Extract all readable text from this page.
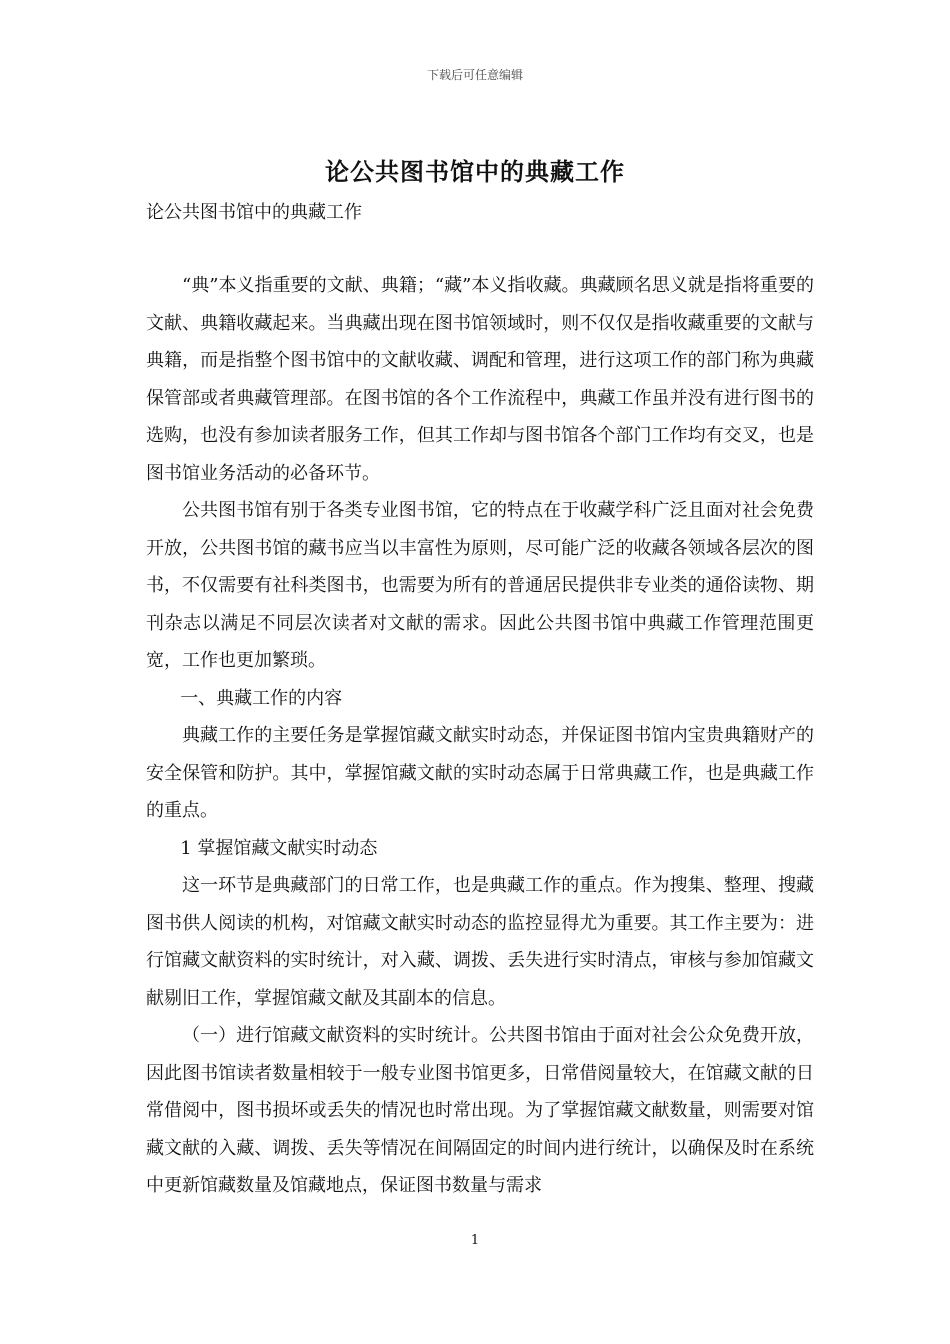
下载后可任意编辑
论公共图书馆中的典藏工作
论公共图书馆中的典藏工作

“典”本义指重要的文献、典籍；“藏”本义指收藏。典藏顾名思义就是指将重要的文献、典籍收藏起来。当典藏出现在图书馆领域时，则不仅仅是指收藏重要的文献与典籍，而是指整个图书馆中的文献收藏、调配和管理，进行这项工作的部门称为典藏保管部或者典藏管理部。在图书馆的各个工作流程中，典藏工作虽并没有进行图书的选购，也没有参加读者服务工作，但其工作却与图书馆各个部门工作均有交叉，也是图书馆业务活动的必备环节。

公共图书馆有别于各类专业图书馆，它的特点在于收藏学科广泛且面对社会免费开放，公共图书馆的藏书应当以丰富性为原则，尽可能广泛的收藏各领域各层次的图书，不仅需要有社科类图书，也需要为所有的普通居民提供非专业类的通俗读物、期刊杂志以满足不同层次读者对文献的需求。因此公共图书馆中典藏工作管理范围更宽，工作也更加繁琐。

一、典藏工作的内容

典藏工作的主要任务是掌握馆藏文献实时动态，并保证图书馆内宝贵典籍财产的安全保管和防护。其中，掌握馆藏文献的实时动态属于日常典藏工作，也是典藏工作的重点。

1 掌握馆藏文献实时动态

这一环节是典藏部门的日常工作，也是典藏工作的重点。作为搜集、整理、搜藏图书供人阅读的机构，对馆藏文献实时动态的监控显得尤为重要。其工作主要为：进行馆藏文献资料的实时统计，对入藏、调拨、丢失进行实时清点，审核与参加馆藏文献剔旧工作，掌握馆藏文献及其副本的信息。

（一）进行馆藏文献资料的实时统计。公共图书馆由于面对社会公众免费开放，因此图书馆读者数量相较于一般专业图书馆更多，日常借阅量较大，在馆藏文献的日常借阅中，图书损坏或丢失的情况也时常出现。为了掌握馆藏文献数量，则需要对馆藏文献的入藏、调拨、丢失等情况在间隔固定的时间内进行统计，以确保及时在系统中更新馆藏数量及馆藏地点，保证图书数量与需求

1
